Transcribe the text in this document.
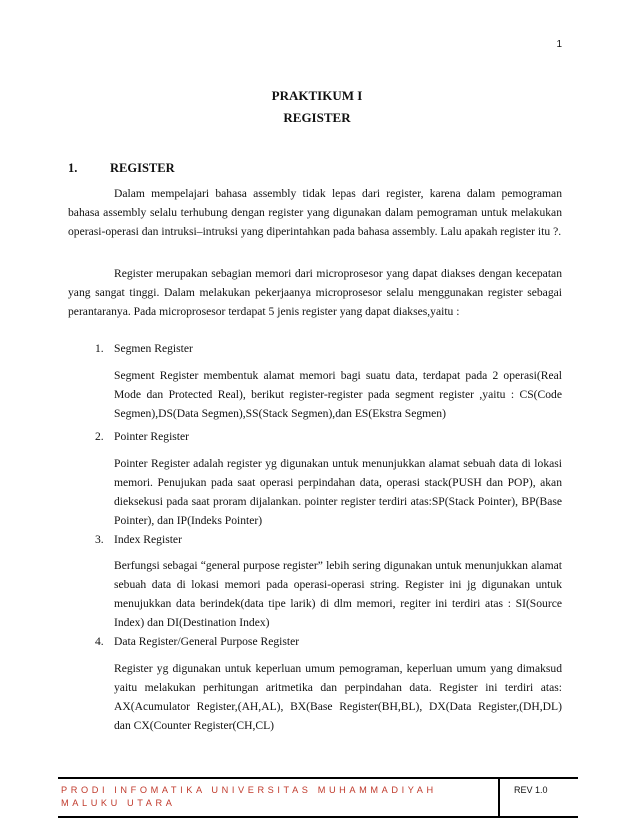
1
PRAKTIKUM I
REGISTER
1.	REGISTER

Dalam mempelajari bahasa assembly tidak lepas dari register, karena dalam pemograman bahasa assembly selalu terhubung dengan register yang digunakan dalam pemograman untuk melakukan operasi-operasi dan intruksi–intruksi yang diperintahkan pada bahasa assembly. Lalu apakah register itu ?.

Register merupakan sebagian memori dari microprosesor yang dapat diakses dengan kecepatan yang sangat tinggi. Dalam melakukan pekerjaanya microprosesor selalu menggunakan register sebagai perantaranya. Pada microprosesor terdapat 5 jenis register yang dapat diakses,yaitu :

1. Segmen Register

Segment Register membentuk alamat memori bagi suatu data, terdapat pada 2 operasi(Real Mode dan Protected Real), berikut register-register pada segment register ,yaitu : CS(Code Segmen),DS(Data Segmen),SS(Stack Segmen),dan ES(Ekstra Segmen)

2. Pointer Register

Pointer Register adalah register yg digunakan untuk menunjukkan alamat sebuah data di lokasi memori. Penujukan pada saat operasi perpindahan data, operasi stack(PUSH dan POP), akan dieksekusi pada saat proram dijalankan. pointer register terdiri atas:SP(Stack Pointer), BP(Base Pointer), dan IP(Indeks Pointer)

3. Index Register

Berfungsi sebagai “general purpose register” lebih sering digunakan untuk menunjukkan alamat sebuah data di lokasi memori pada operasi-operasi string. Register ini jg digunakan untuk menujukkan data berindek(data tipe larik) di dlm memori, regiter ini terdiri atas : SI(Source Index) dan DI(Destination Index)

4. Data Register/General Purpose Register

Register yg digunakan untuk keperluan umum pemograman, keperluan umum yang dimaksud yaitu melakukan perhitungan aritmetika dan perpindahan data. Register ini terdiri atas: AX(Acumulator Register,(AH,AL), BX(Base Register(BH,BL), DX(Data Register,(DH,DL) dan CX(Counter Register(CH,CL)

PRODI INFOMATIKA UNIVERSITAS MUHAMMADIYAH MALUKU UTARA
REV 1.0
